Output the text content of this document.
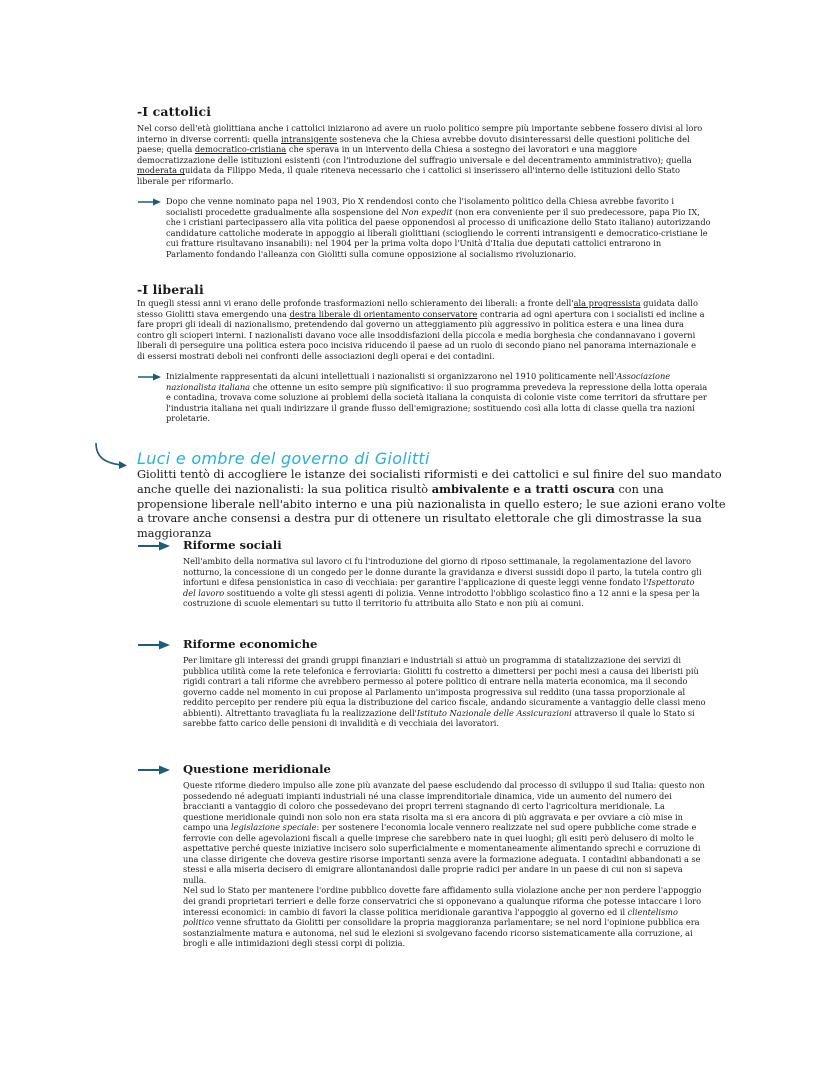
-I cattolici

Nel corso dell'età giolittiana anche i cattolici iniziarono ad avere un ruolo politico sempre più importante sebbene fossero divisi al loro interno in diverse correnti: quella intransigente sosteneva che la Chiesa avrebbe dovuto disinteressarsi delle questioni politiche del paese; quella democratico-cristiana che sperava in un intervento della Chiesa a sostegno dei lavoratori e una maggiore democratizzazione delle istituzioni esistenti (con l'introduzione del suffragio universale e del decentramento amministrativo); quella moderata guidata da Filippo Meda, il quale riteneva necessario che i cattolici si inserissero all'interno delle istituzioni dello Stato liberale per riformarlo.

Dopo che venne nominato papa nel 1903, Pio X rendendosi conto che l'isolamento politico della Chiesa avrebbe favorito i socialisti procedette gradualmente alla sospensione del Non expedit (non era conveniente per il suo predecessore, papa Pio IX, che i cristiani partecipassero alla vita politica del paese opponendosi al processo di unificazione dello Stato italiano) autorizzando candidature cattoliche moderate in appoggio ai liberali giolittiani (sciogliendo le correnti intransigenti e democratico-cristiane le cui fratture risultavano insanabili): nel 1904 per la prima volta dopo l'Unità d'Italia due deputati cattolici entrarono in Parlamento fondando l'alleanza con Giolitti sulla comune opposizione al socialismo rivoluzionario.

-I liberali

In quegli stessi anni vi erano delle profonde trasformazioni nello schieramento dei liberali: a fronte dell'ala progressista guidata dallo stesso Giolitti stava emergendo una destra liberale di orientamento conservatore contraria ad ogni apertura con i socialisti ed incline a fare propri gli ideali di nazionalismo, pretendendo dal governo un atteggiamento più aggressivo in politica estera e una linea dura contro gli scioperi interni. I nazionalisti davano voce alle insoddisfazioni della piccola e media borghesia che condannavano i governi liberali di perseguire una politica estera poco incisiva riducendo il paese ad un ruolo di secondo piano nel panorama internazionale e di essersi mostrati deboli nei confronti delle associazioni degli operai e dei contadini.

Inizialmente rappresentati da alcuni intellettuali i nazionalisti si organizzarono nel 1910 politicamente nell'Associazione nazionalista italiana che ottenne un esito sempre più significativo: il suo programma prevedeva la repressione della lotta operaia e contadina, trovava come soluzione ai problemi della società italiana la conquista di colonie viste come territori da sfruttare per l'industria italiana nei quali indirizzare il grande flusso dell'emigrazione; sostituendo così alla lotta di classe quella tra nazioni proletarie.

Luci e ombre del governo di Giolitti

Giolitti tentò di accogliere le istanze dei socialisti riformisti e dei cattolici e sul finire del suo mandato anche quelle dei nazionalisti: la sua politica risultò ambivalente e a tratti oscura con una propensione liberale nell'abito interno e una più nazionalista in quello estero; le sue azioni erano volte a trovare anche consensi a destra pur di ottenere un risultato elettorale che gli dimostrasse la sua maggioranza

Riforme sociali

Nell'ambito della normativa sul lavoro ci fu l'introduzione del giorno di riposo settimanale, la regolamentazione del lavoro notturno, la concessione di un congedo per le donne durante la gravidanza e diversi sussidi dopo il parto, la tutela contro gli infortuni e difesa pensionistica in caso di vecchiaia: per garantire l'applicazione di queste leggi venne fondato l'Ispettorato del lavoro sostituendo a volte gli stessi agenti di polizia. Venne introdotto l'obbligo scolastico fino a 12 anni e la spesa per la costruzione di scuole elementari su tutto il territorio fu attribuita allo Stato e non più ai comuni.

Riforme economiche

Per limitare gli interessi dei grandi gruppi finanziari e industriali si attuò un programma di statalizzazione dei servizi di pubblica utilità come la rete telefonica e ferroviaria: Giolitti fu costretto a dimettersi per pochi mesi a causa dei liberisti più rigidi contrari a tali riforme che avrebbero permesso al potere politico di entrare nella materia economica, ma il secondo governo cadde nel momento in cui propose al Parlamento un'imposta progressiva sul reddito (una tassa proporzionale al reddito percepito per rendere più equa la distribuzione del carico fiscale, andando sicuramente a vantaggio delle classi meno abbienti). Altrettanto travagliata fu la realizzazione dell'Istituto Nazionale delle Assicurazioni attraverso il quale lo Stato si sarebbe fatto carico delle pensioni di invalidità e di vecchiaia dei lavoratori.

Questione meridionale

Queste riforme diedero impulso alle zone più avanzate del paese escludendo dal processo di sviluppo il sud Italia: questo non possedendo né adeguati impianti industriali né una classe imprenditoriale dinamica, vide un aumento del numero dei braccianti a vantaggio di coloro che possedevano dei propri terreni stagnando di certo l'agricoltura meridionale. La questione meridionale quindi non solo non era stata risolta ma si era ancora di più aggravata e per ovviare a ciò mise in campo una legislazione speciale: per sostenere l'economia locale vennero realizzate nel sud opere pubbliche come strade e ferrovie con delle agevolazioni fiscali a quelle imprese che sarebbero nate in quei luoghi; gli esiti però delusero di molto le aspettative perché queste iniziative incisero solo superficialmente e momentaneamente alimentando sprechi e corruzione di una classe dirigente che doveva gestire risorse importanti senza avere la formazione adeguata. I contadini abbandonati a se stessi e alla miseria decisero di emigrare allontanandosi dalle proprie radici per andare in un paese di cui non si sapeva nulla.
Nel sud lo Stato per mantenere l'ordine pubblico dovette fare affidamento sulla violazione anche per non perdere l'appoggio dei grandi proprietari terrieri e delle forze conservatrici che si opponevano a qualunque riforma che potesse intaccare i loro interessi economici: in cambio di favori la classe politica meridionale garantiva l'appoggio al governo ed il clientelismo politico venne sfruttato da Giolitti per consolidare la propria maggioranza parlamentare; se nel nord l'opinione pubblica era sostanzialmente matura e autonoma, nel sud le elezioni si svolgevano facendo ricorso sistematicamente alla corruzione, ai brogli e alle intimidazioni degli stessi corpi di polizia.
